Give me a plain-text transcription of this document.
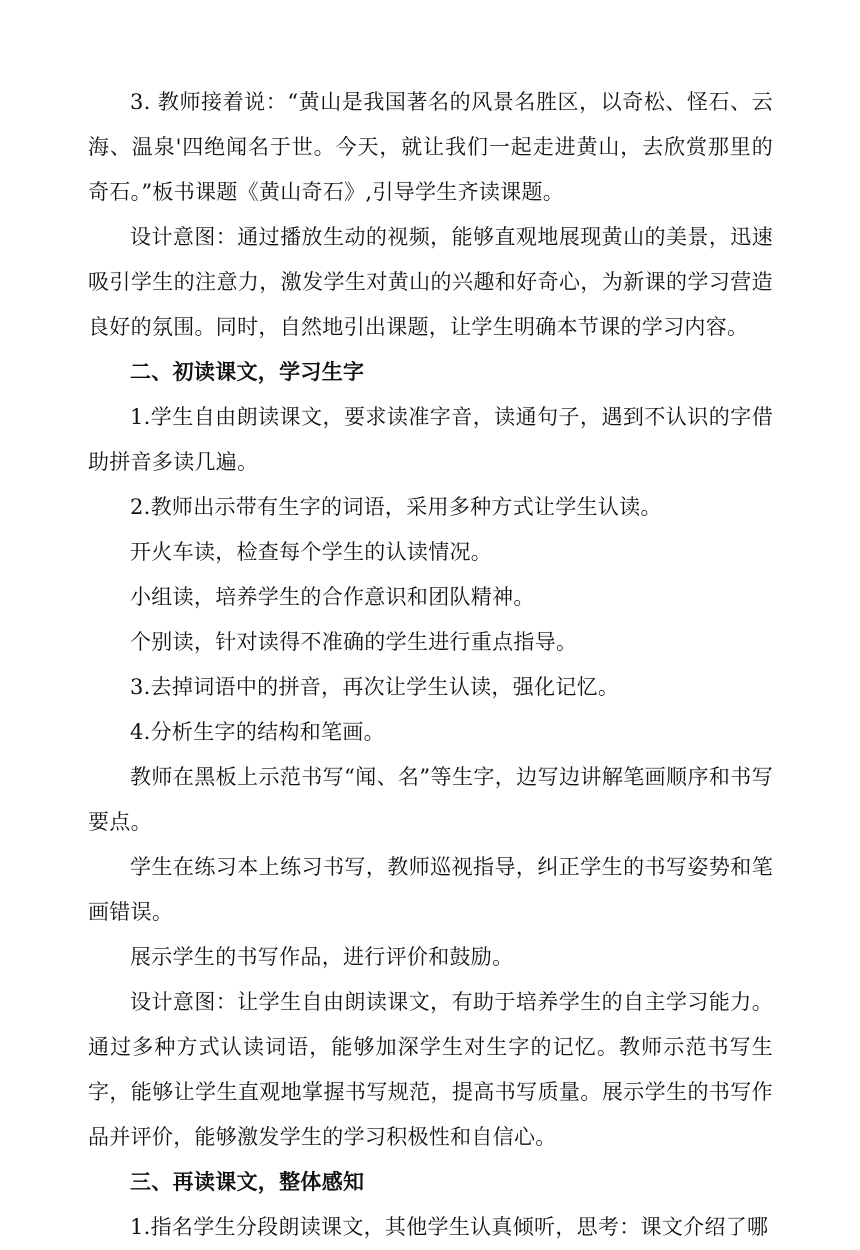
3. 教师接着说：“黄山是我国著名的风景名胜区，以奇松、怪石、云海、温泉'四绝闻名于世。今天，就让我们一起走进黄山，去欣赏那里的奇石。”板书课题《黄山奇石》,引导学生齐读课题。

设计意图：通过播放生动的视频，能够直观地展现黄山的美景，迅速吸引学生的注意力，激发学生对黄山的兴趣和好奇心，为新课的学习营造良好的氛围。同时，自然地引出课题，让学生明确本节课的学习内容。

二、初读课文，学习生字

1.学生自由朗读课文，要求读准字音，读通句子，遇到不认识的字借助拼音多读几遍。

2.教师出示带有生字的词语，采用多种方式让学生认读。

开火车读，检查每个学生的认读情况。

小组读，培养学生的合作意识和团队精神。

个别读，针对读得不准确的学生进行重点指导。

3.去掉词语中的拼音，再次让学生认读，强化记忆。

4.分析生字的结构和笔画。

教师在黑板上示范书写“闻、名”等生字，边写边讲解笔画顺序和书写要点。

学生在练习本上练习书写，教师巡视指导，纠正学生的书写姿势和笔画错误。

展示学生的书写作品，进行评价和鼓励。

设计意图：让学生自由朗读课文，有助于培养学生的自主学习能力。通过多种方式认读词语，能够加深学生对生字的记忆。教师示范书写生字，能够让学生直观地掌握书写规范，提高书写质量。展示学生的书写作品并评价，能够激发学生的学习积极性和自信心。

三、再读课文，整体感知

1.指名学生分段朗读课文，其他学生认真倾听，思考：课文介绍了哪
